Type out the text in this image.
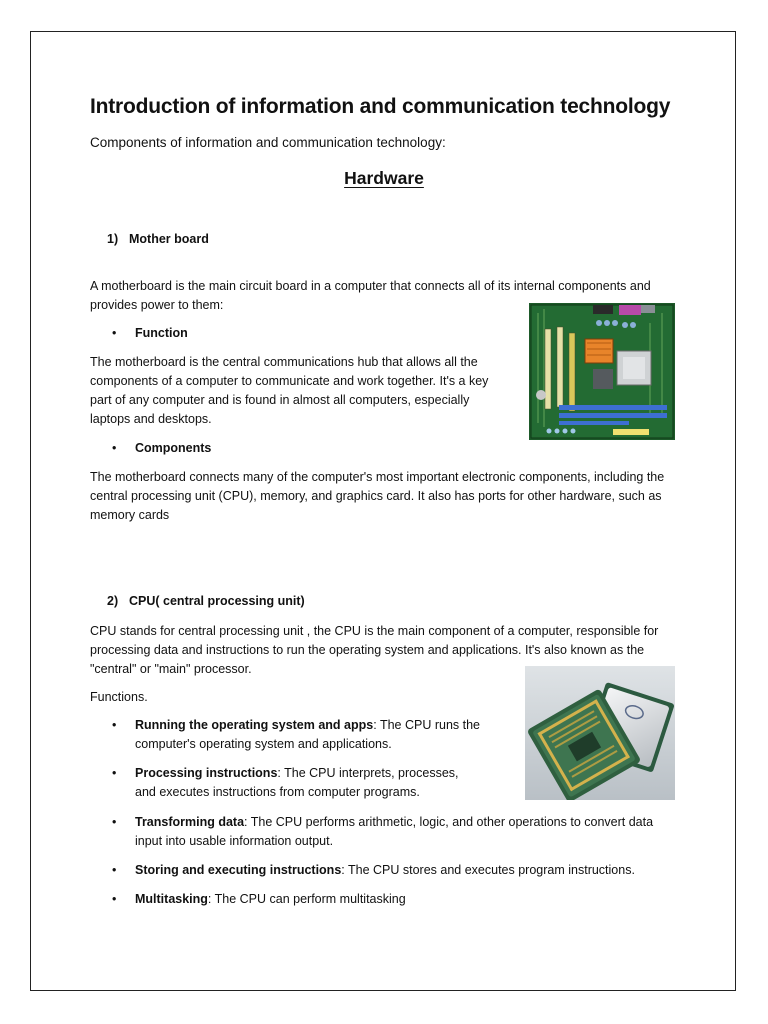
Introduction of information and communication technology
Components of information and communication technology:
Hardware
1) Mother board
A motherboard is the main circuit board in a computer that connects all of its internal components and provides power to them:
• Function
The motherboard is the central communications hub that allows all the components of a computer to communicate and work together. It's a key part of any computer and is found in almost all computers, especially laptops and desktops.
• Components
The motherboard connects many of the computer's most important electronic components, including the central processing unit (CPU), memory, and graphics card. It also has ports for other hardware, such as memory cards
2) CPU( central processing unit)
CPU stands for central processing unit , the CPU is the main component of a computer, responsible for processing data and instructions to run the operating system and applications. It's also known as the "central" or "main" processor.
Functions.
• Running the operating system and apps: The CPU runs the computer's operating system and applications.
• Processing instructions: The CPU interprets, processes, and executes instructions from computer programs.
• Transforming data: The CPU performs arithmetic, logic, and other operations to convert data input into usable information output.
• Storing and executing instructions: The CPU stores and executes program instructions.
• Multitasking: The CPU can perform multitasking
